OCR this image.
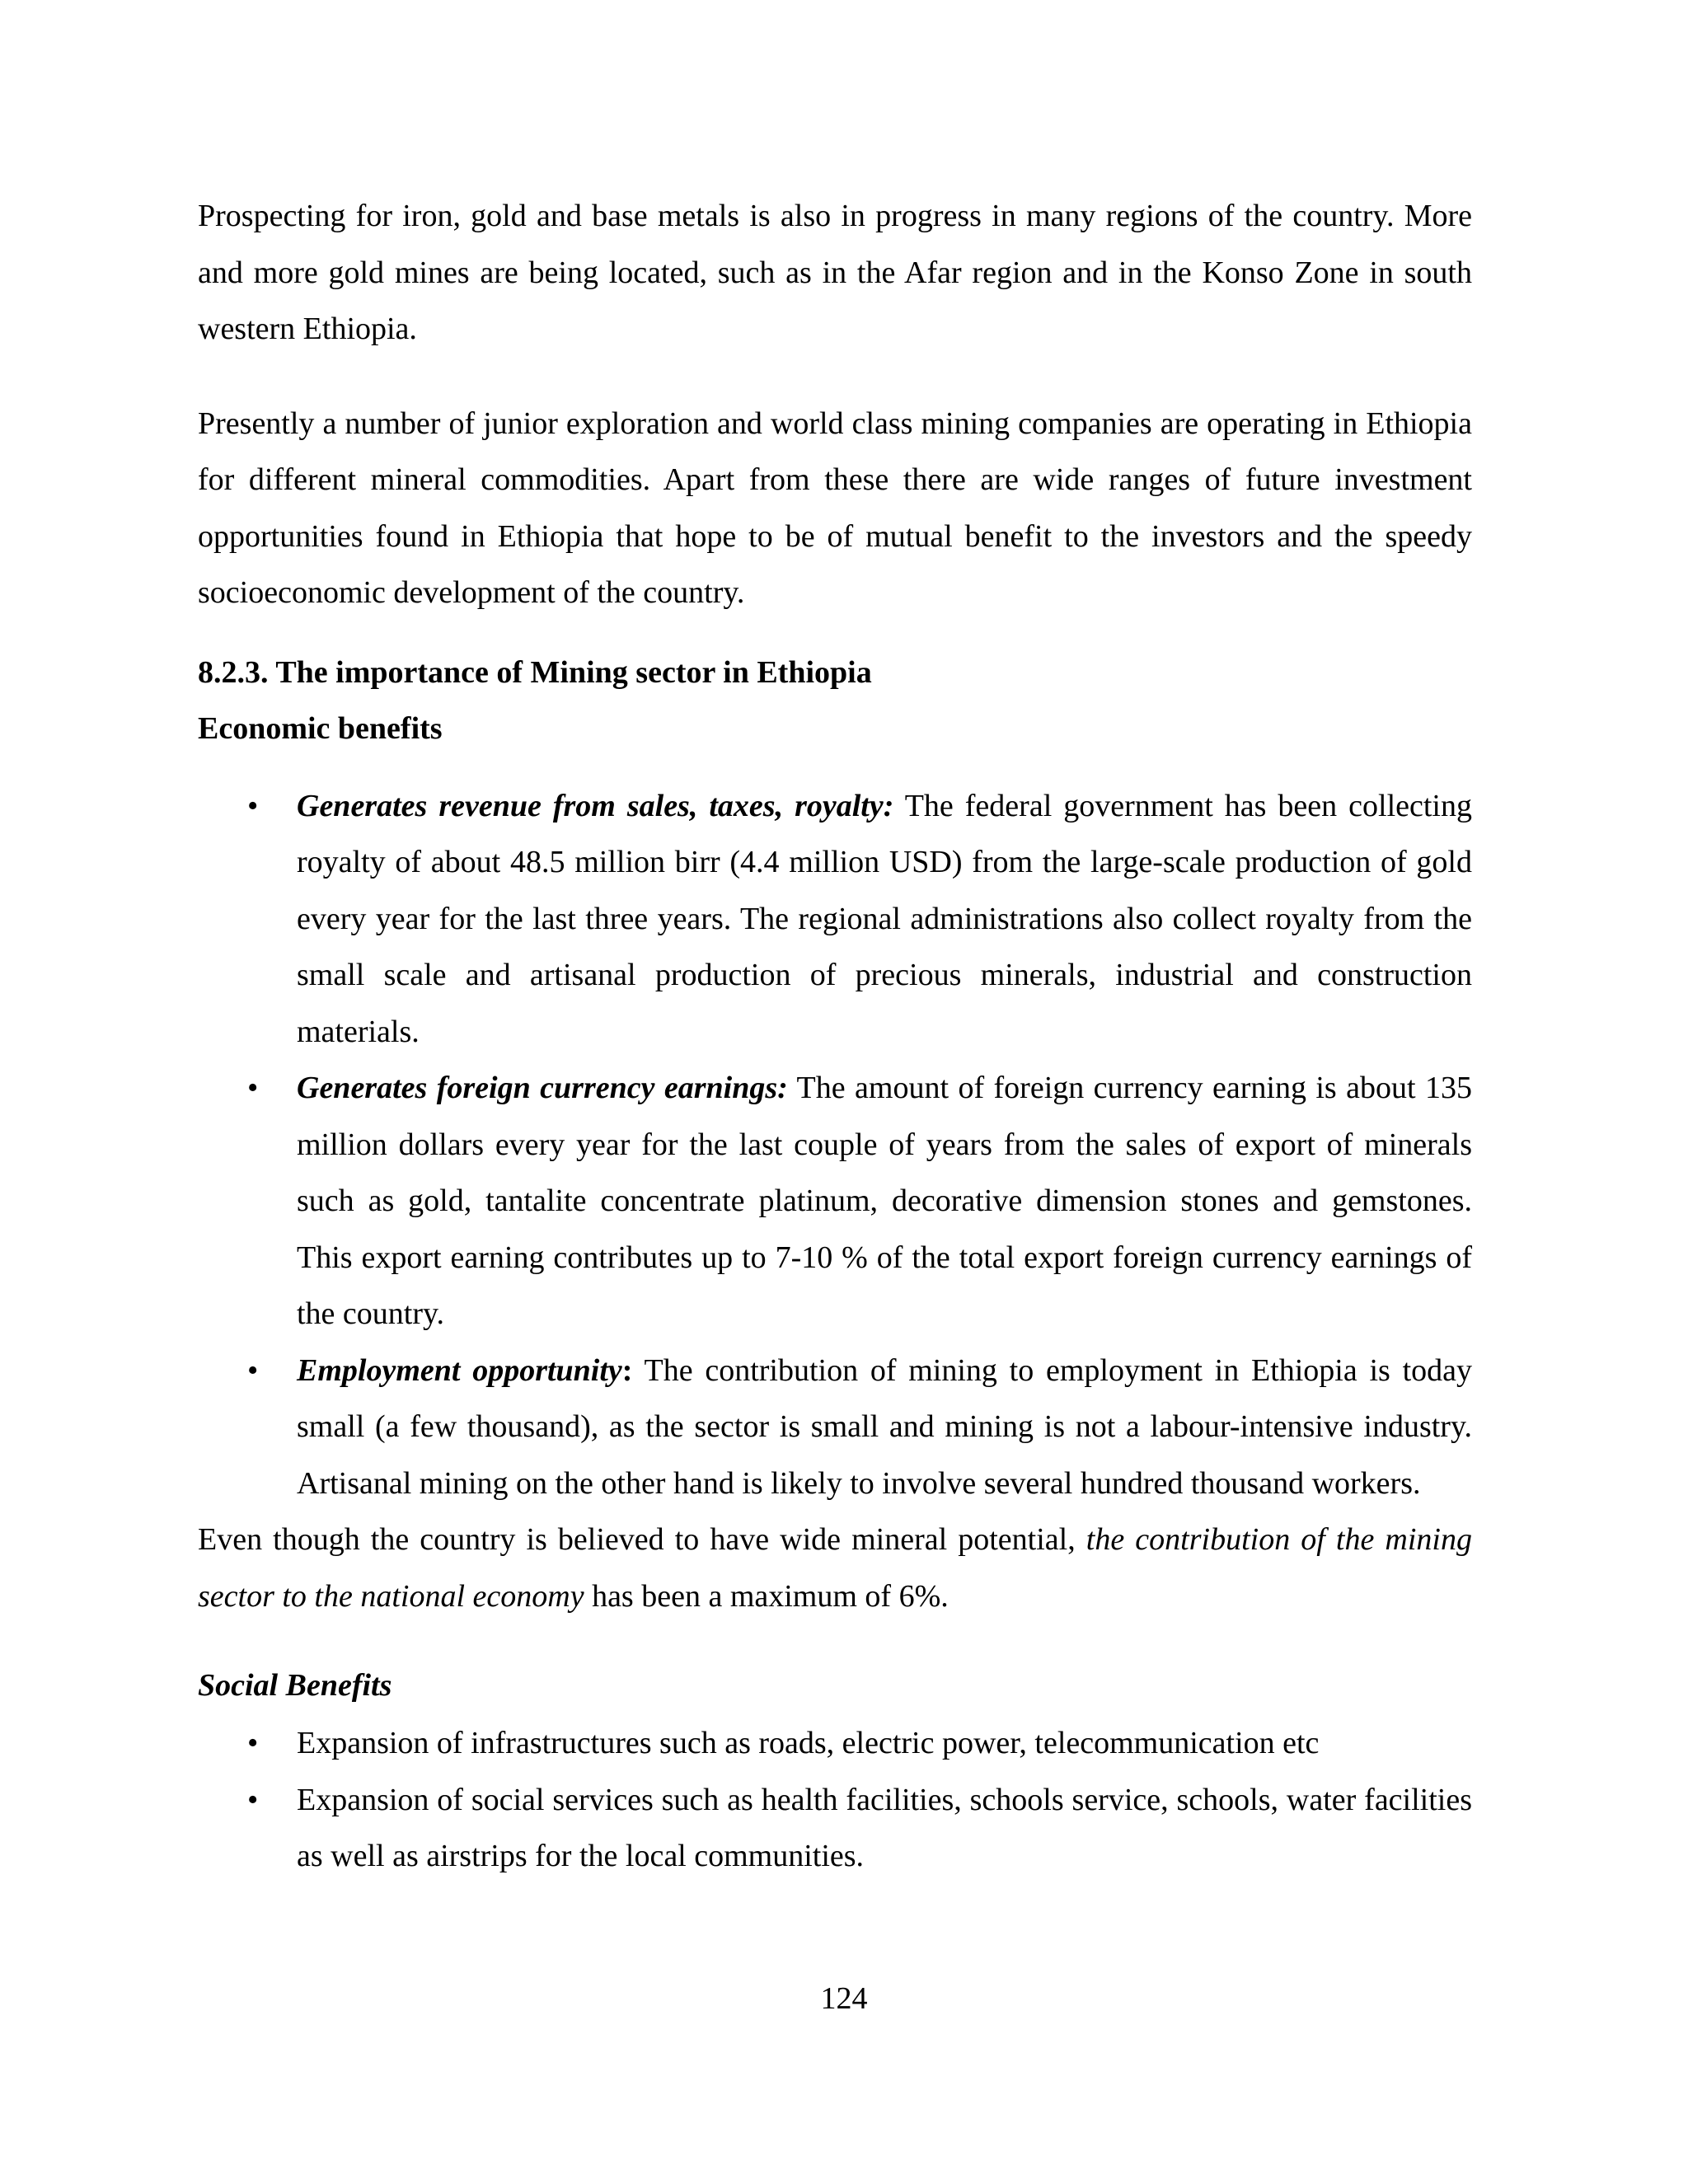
Prospecting for iron, gold and base metals is also in progress in many regions of the country. More and more gold mines are being located, such as in the Afar region and in the Konso Zone in south western Ethiopia.

Presently a number of junior exploration and world class mining companies are operating in Ethiopia for different mineral commodities. Apart from these there are wide ranges of future investment opportunities found in Ethiopia that hope to be of mutual benefit to the investors and the speedy socioeconomic development of the country.

8.2.3. The importance of Mining sector in Ethiopia
Economic benefits
• Generates revenue from sales, taxes, royalty: The federal government has been collecting royalty of about 48.5 million birr (4.4 million USD) from the large-scale production of gold every year for the last three years. The regional administrations also collect royalty from the small scale and artisanal production of precious minerals, industrial and construction materials.
• Generates foreign currency earnings: The amount of foreign currency earning is about 135 million dollars every year for the last couple of years from the sales of export of minerals such as gold, tantalite concentrate platinum, decorative dimension stones and gemstones. This export earning contributes up to 7-10 % of the total export foreign currency earnings of the country.
• Employment opportunity: The contribution of mining to employment in Ethiopia is today small (a few thousand), as the sector is small and mining is not a labour-intensive industry. Artisanal mining on the other hand is likely to involve several hundred thousand workers.

Even though the country is believed to have wide mineral potential, the contribution of the mining sector to the national economy has been a maximum of 6%.

Social Benefits
• Expansion of infrastructures such as roads, electric power, telecommunication etc
• Expansion of social services such as health facilities, schools service, schools, water facilities as well as airstrips for the local communities.
124
